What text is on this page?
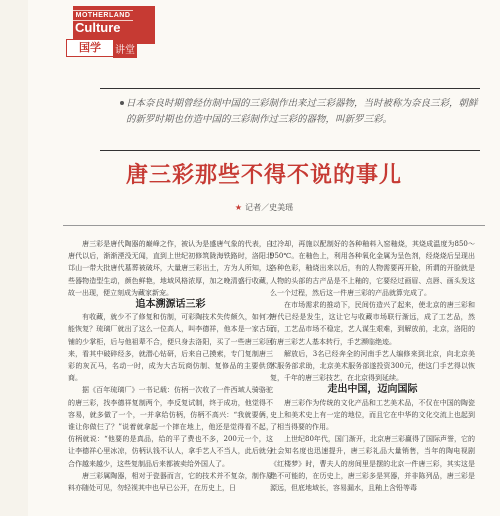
MOTHERLAND
Culture
国学	讲堂

日本奈良时期曾经仿制中国的三彩制作出来过三彩器物，当时被称为奈良三彩，朝鲜的新罗时期也仿造中国的三彩制作过三彩的器物，叫新罗三彩。

唐三彩那些不得不说的事儿
★ 记者／史美瑶

唐三彩是唐代陶器的巅峰之作，被认为是盛唐气象的代表，自唐代以后，渐渐湮没无闻，直到上世纪初修筑陇海铁路时，洛阳北邙山一带大批唐代墓葬被破坏，大量唐三彩出土，方为人所知，这些器物造型生动，颜色鲜艳，地域风格浓厚，加之晚清盛行收藏，故一出现，便立刻成为藏家新宠。

追本溯源话三彩

有收藏，就少不了修复和仿制，可彩陶技术失传颇久，如何才能恢复？琉璃厂就出了这么一位高人，叫李德祥，他本是一家古玩铺的少掌柜，后与他祖辈不合，便只身去洛阳，买了一些唐三彩回来，看其中破碎经多，就潜心钻研，后来自己摸索，专门复制唐三彩的灰瓦马，名动一时，成为大古玩商仿制、复修品的主要供货商。

据《百年琉璃厂》一书记载：仿柄一次收了一件西域人骑骆驼的唐三彩，找李德祥复制两个，李反复试制，终于成功，他觉得不容易，就多做了一个，一并拿给仿柄，仿柄不高兴：“我就要俩，谁让你做仨了？”说着就拿起一个摔在地上，他还是觉得看不起，仿柄就说：“他要的是真品，给的平了费也不多，200元一个，这让李德祥心里冰凉，仿柄认钱不认人，拿手艺人不当人，此后就分合作越来越少，这些复制品后来都被卖给外国人了。

唐三彩属陶器，相对于瓷器而言，它的技术并不复杂，制作原料亦随处可见，勿轻视其中也早已公开，在历史上，日

过冷却，再施以配制好的各种釉料入窑釉烧，其烧成温度为850～950℃。在釉色上，利用各种氧化金属为呈色剂，经烧烧后呈现出各种色彩，釉烧出来以后，有的人物需要再开脸，所谓的开脸就是人物的头部的古产品是不上釉的，它要经过画眉、点唇、画头发这么一个过程，然后这一件唐三彩的产品就算完成了。

在市场需求的推动下，民间仿造兴了起来，使北京的唐三彩和唐代已经是发生，这让它与收藏市场联行渐远，成了工艺品，然而，工艺品市场不稳定，艺人谋生艰难，到解放前，北京，洛阳的仿唐三彩艺人基本转行，手艺濒临绝迹。

解放后，3名已经奔全的河南手艺人编修来到北京，向北京美术服务部求助，北京美术服务部遂投资300元，使这门手艺得以恢复，千年的唐三彩技艺，在北京得到延续。

走出中国，迈向国际

唐三彩作为传统的文化产品和工艺美术品，不仅在中国的陶瓷史上和美术史上有一定的地位，而且它在中华的文化交流上也起到了相当得要的作用。

上世纪80年代，国门渐开，北京唐三彩赢得了国际声誉，它的社会知名度也迅速提升，唐三彩礼品大量销售，当年的陶电视剧《红楼梦》时，曹夫人的房间里是摆的北京一件唐三彩，其实这是绝不可能的，在历史上，唐三彩多是冥器，并非陈列品，唐三彩是源远，但底地域长，容易漏水，且釉上含铅等毒
